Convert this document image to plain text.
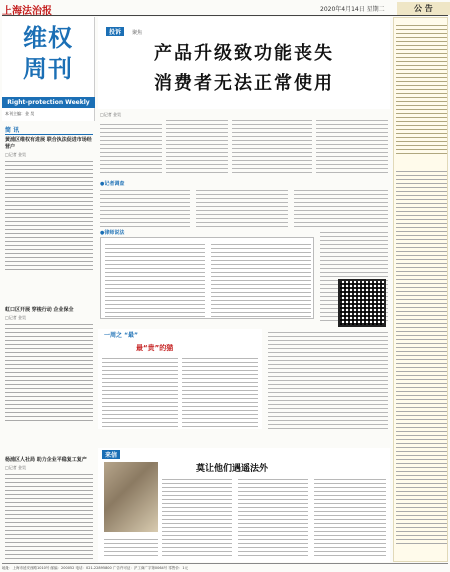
上海法治报	2020年4月14日 星期二	公 告
维权
周刊
Right-protection Weekly
本刊主编：金 昊
简 讯
黄浦区维权有进展 联合执法促进市场经营户
□记者 金昊
虹口区开展 穿梭行动 企业保全
□记者 金昊
杨浦区人社局 助力企业平稳复工复产
□记者 金昊
投诉 聚焦
产品升级致功能丧失
消费者无法正常使用
□记者 金昊
●记者调查
●律师说法
一周之 “最”
最“贵”的猫
来信
莫让他们遇遥法外
地址：上海市延安西路1010号 邮编：200052 电话：021-22895800 广告许可证：沪工商广字第0064号 零售价：1元
